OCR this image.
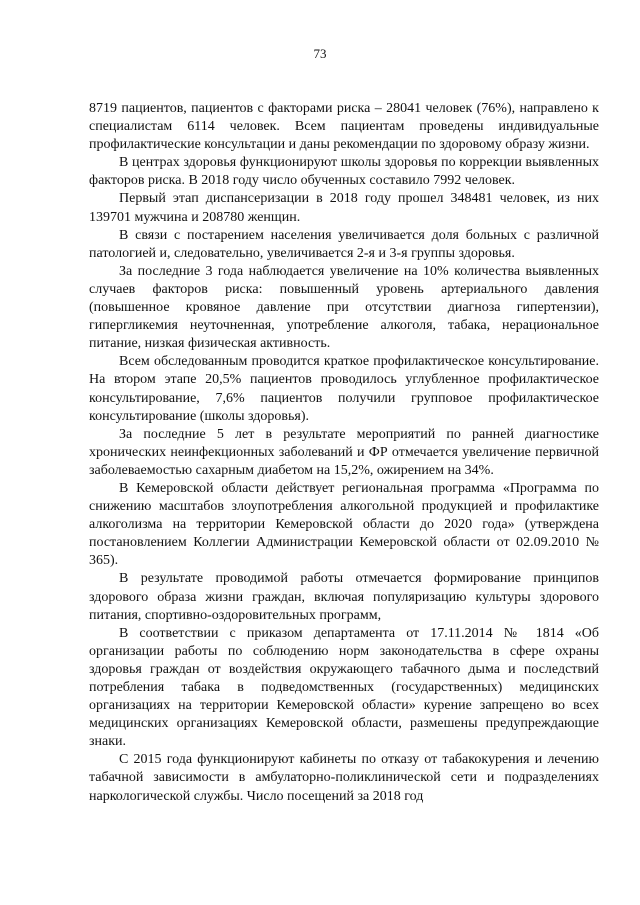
73

8719 пациентов, пациентов с факторами риска – 28041 человек (76%), направлено к специалистам 6114 человек. Всем пациентам проведены индивидуальные профилактические консультации и даны рекомендации по здоровому образу жизни.

В центрах здоровья функционируют школы здоровья по коррекции выявленных факторов риска. В 2018 году число обученных составило 7992 человек.

Первый этап диспансеризации в 2018 году прошел 348481 человек, из них 139701 мужчина и 208780 женщин.

В связи с постарением населения увеличивается доля больных с различной патологией и, следовательно, увеличивается 2-я и 3-я группы здоровья.

За последние 3 года наблюдается увеличение на 10% количества выявленных случаев факторов риска: повышенный уровень артериального давления (повышенное кровяное давление при отсутствии диагноза гипертензии), гипергликемия неуточненная, употребление алкоголя, табака, нерациональное питание, низкая физическая активность.

Всем обследованным проводится краткое профилактическое консультирование. На втором этапе 20,5% пациентов проводилось углубленное профилактическое консультирование, 7,6% пациентов получили групповое профилактическое консультирование (школы здоровья).

За последние 5 лет в результате мероприятий по ранней диагностике хронических неинфекционных заболеваний и ФР отмечается увеличение первичной заболеваемостью сахарным диабетом на 15,2%, ожирением на 34%.

В Кемеровской области действует региональная программа «Программа по снижению масштабов злоупотребления алкогольной продукцией и профилактике алкоголизма на территории Кемеровской области до 2020 года» (утверждена постановлением Коллегии Администрации Кемеровской области от 02.09.2010 № 365).

В результате проводимой работы отмечается формирование принципов здорового образа жизни граждан, включая популяризацию культуры здорового питания, спортивно-оздоровительных программ,

В соответствии с приказом департамента от 17.11.2014 № 1814 «Об организации работы по соблюдению норм законодательства в сфере охраны здоровья граждан от воздействия окружающего табачного дыма и последствий потребления табака в подведомственных (государственных) медицинских организациях на территории Кемеровской области» курение запрещено во всех медицинских организациях Кемеровской области, размешены предупреждающие знаки.

С 2015 года функционируют кабинеты по отказу от табакокурения и лечению табачной зависимости в амбулаторно-поликлинической сети и подразделениях наркологической службы. Число посещений за 2018 год
